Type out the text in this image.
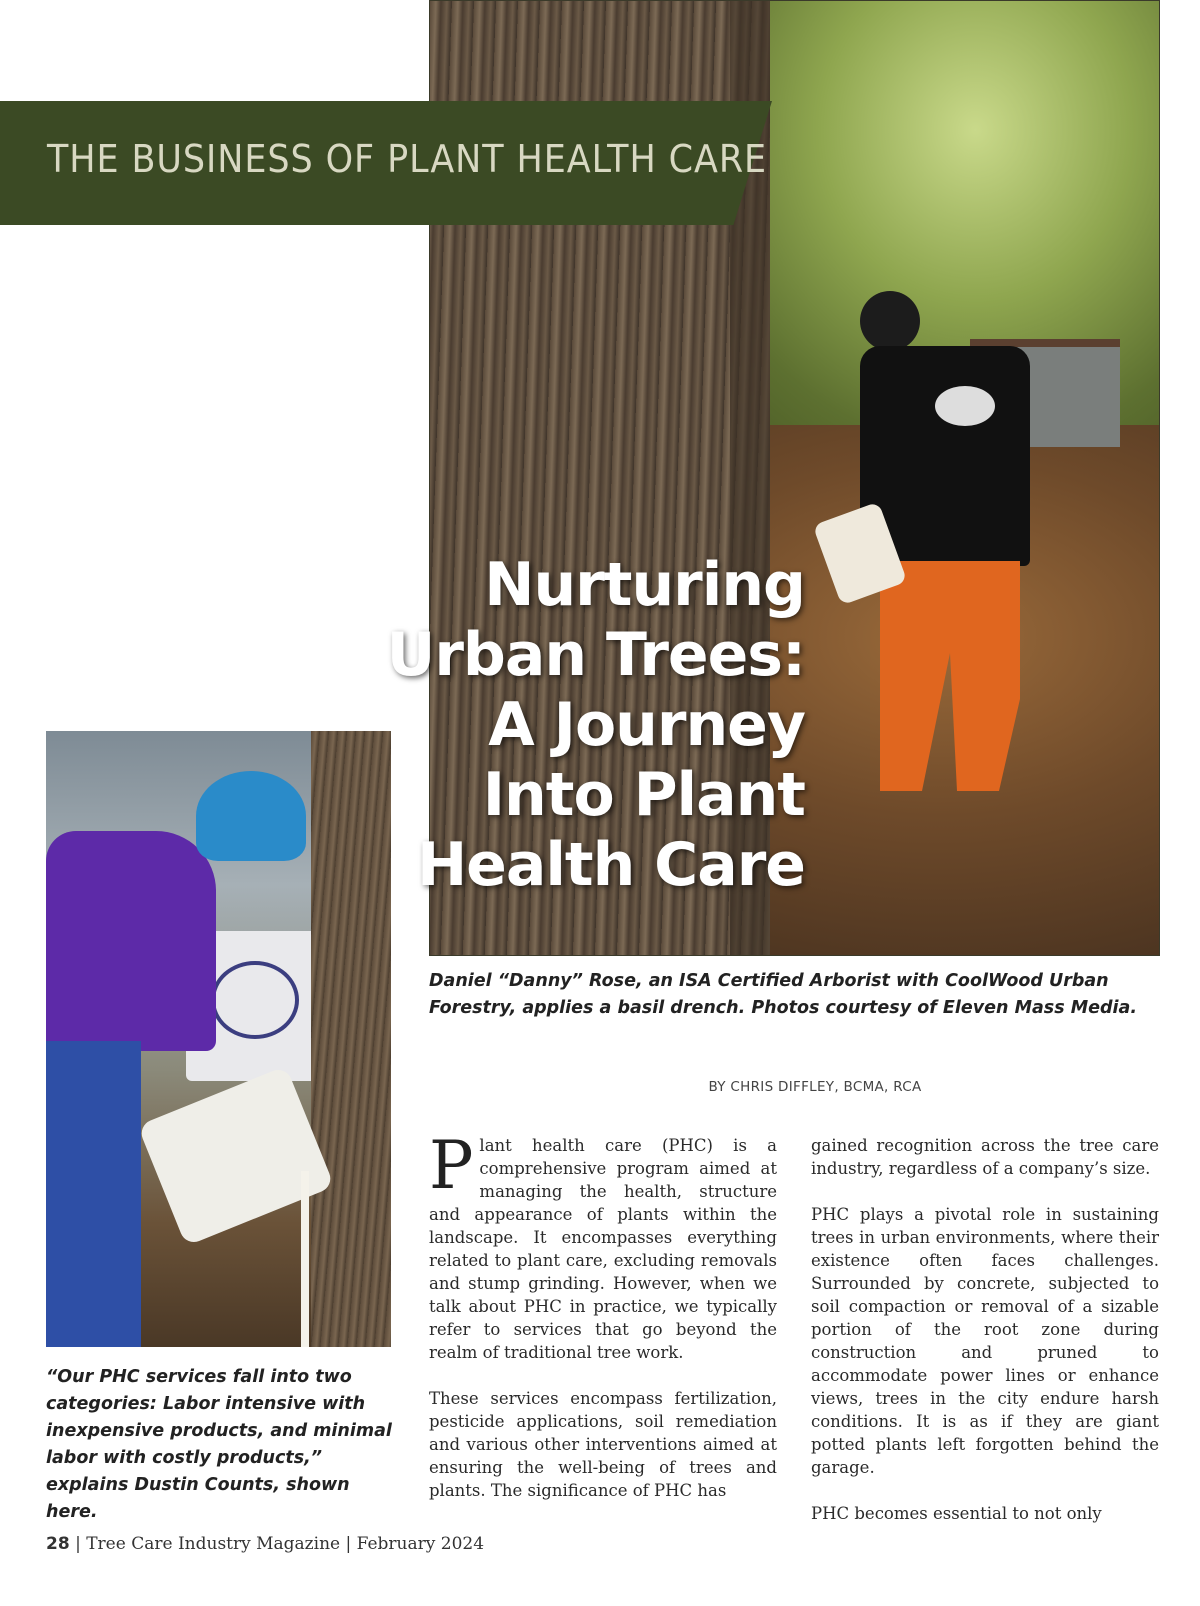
Nurturing
Urban Trees:
A Journey
Into Plant
Health Care
THE BUSINESS OF PLANT HEALTH CARE

“Our PHC services fall into two categories: Labor intensive with inexpensive products, and minimal labor with costly products,” explains Dustin Counts, shown here.

Daniel “Danny” Rose, an ISA Certified Arborist with CoolWood Urban Forestry, applies a basil drench. Photos courtesy of Eleven Mass Media.

BY CHRIS DIFFLEY, BCMA, RCA

Plant health care (PHC) is a comprehensive program aimed at managing the health, structure and appearance of plants within the landscape. It encompasses everything related to plant care, excluding removals and stump grinding. However, when we talk about PHC in practice, we typically refer to services that go beyond the realm of traditional tree work.

These services encompass fertilization, pesticide applications, soil remediation and various other interventions aimed at ensuring the well-being of trees and plants. The significance of PHC has

gained recognition across the tree care industry, regardless of a company’s size.

PHC plays a pivotal role in sustaining trees in urban environments, where their existence often faces challenges. Surrounded by concrete, subjected to soil compaction or removal of a sizable portion of the root zone during construction and pruned to accommodate power lines or enhance views, trees in the city endure harsh conditions. It is as if they are giant potted plants left forgotten behind the garage.

PHC becomes essential to not only

28 | Tree Care Industry Magazine | February 2024
